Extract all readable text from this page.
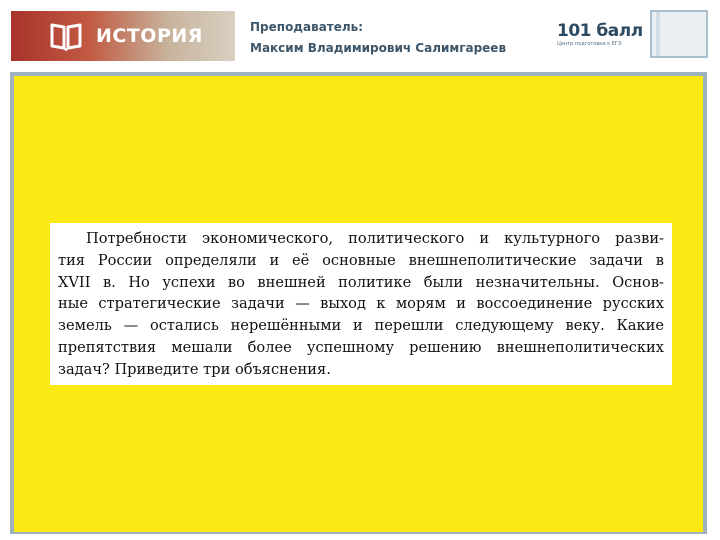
ИСТОРИЯ	Преподаватель:
Максим Владимирович Салимгареев
101 балл
Центр подготовки к ЕГЭ
Потребности экономического, политического и культурного разви-
тия России определяли и её основные внешнеполитические задачи в
XVII в. Но успехи во внешней политике были незначительны. Основ-
ные стратегические задачи — выход к морям и воссоединение русских
земель — остались нерешёнными и перешли следующему веку. Какие
препятствия мешали более успешному решению внешнеполитических
задач? Приведите три объяснения.
